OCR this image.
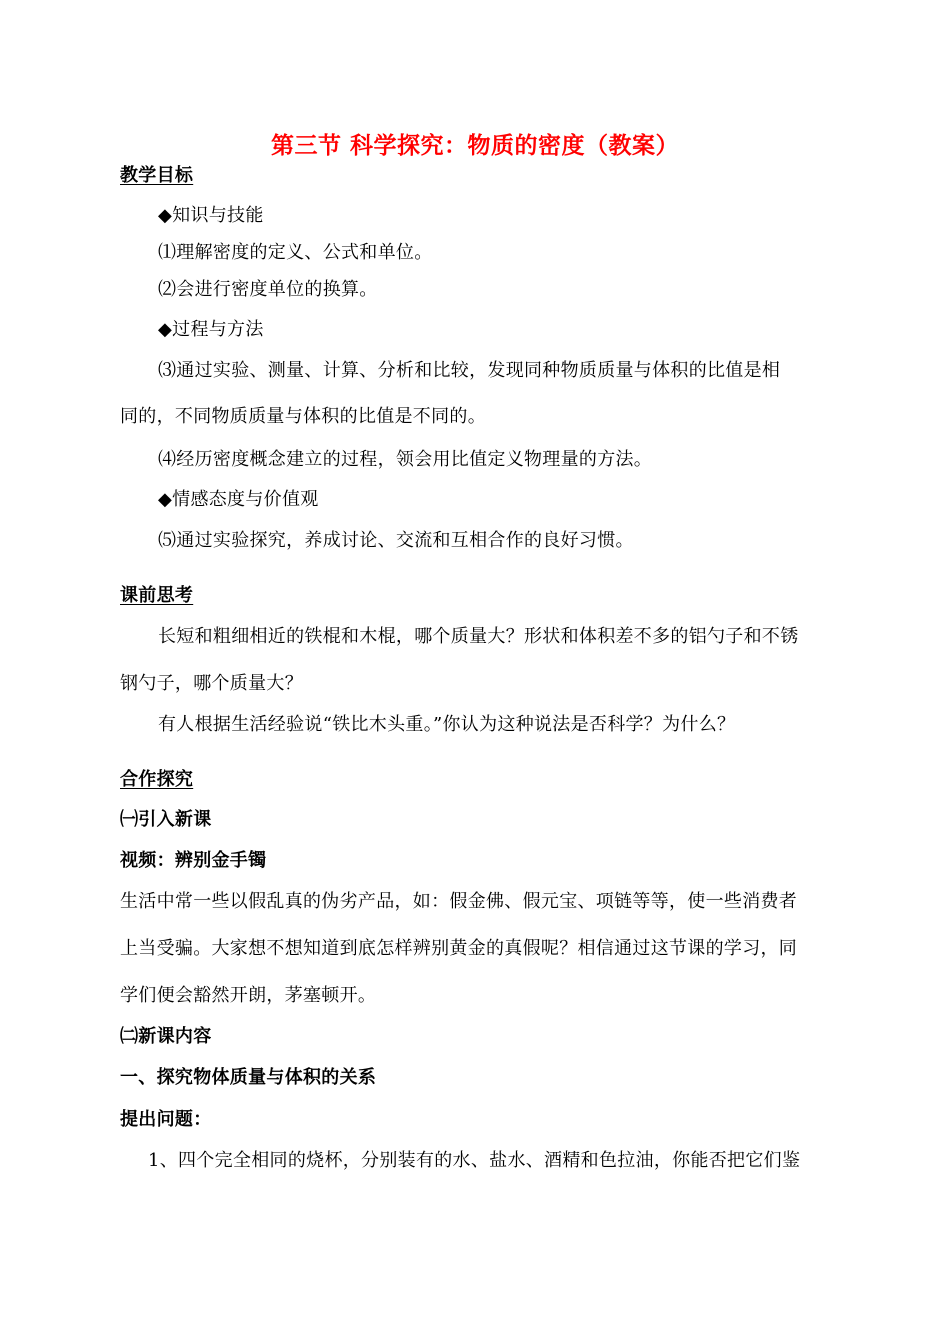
第三节 科学探究：物质的密度（教案）
教学目标
◆知识与技能
⑴理解密度的定义、公式和单位。
⑵会进行密度单位的换算。
◆过程与方法
⑶通过实验、测量、计算、分析和比较，发现同种物质质量与体积的比值是相
同的，不同物质质量与体积的比值是不同的。
⑷经历密度概念建立的过程，领会用比值定义物理量的方法。
◆情感态度与价值观
⑸通过实验探究，养成讨论、交流和互相合作的良好习惯。
课前思考
长短和粗细相近的铁棍和木棍，哪个质量大？形状和体积差不多的铝勺子和不锈
钢勺子，哪个质量大？
有人根据生活经验说“铁比木头重。”你认为这种说法是否科学？为什么？
合作探究
㈠引入新课
视频：辨别金手镯
生活中常一些以假乱真的伪劣产品，如：假金佛、假元宝、项链等等，使一些消费者
上当受骗。大家想不想知道到底怎样辨别黄金的真假呢？相信通过这节课的学习，同
学们便会豁然开朗，茅塞顿开。
㈡新课内容
一、探究物体质量与体积的关系
提出问题：
1、四个完全相同的烧杯，分别装有的水、盐水、酒精和色拉油，你能否把它们鉴
